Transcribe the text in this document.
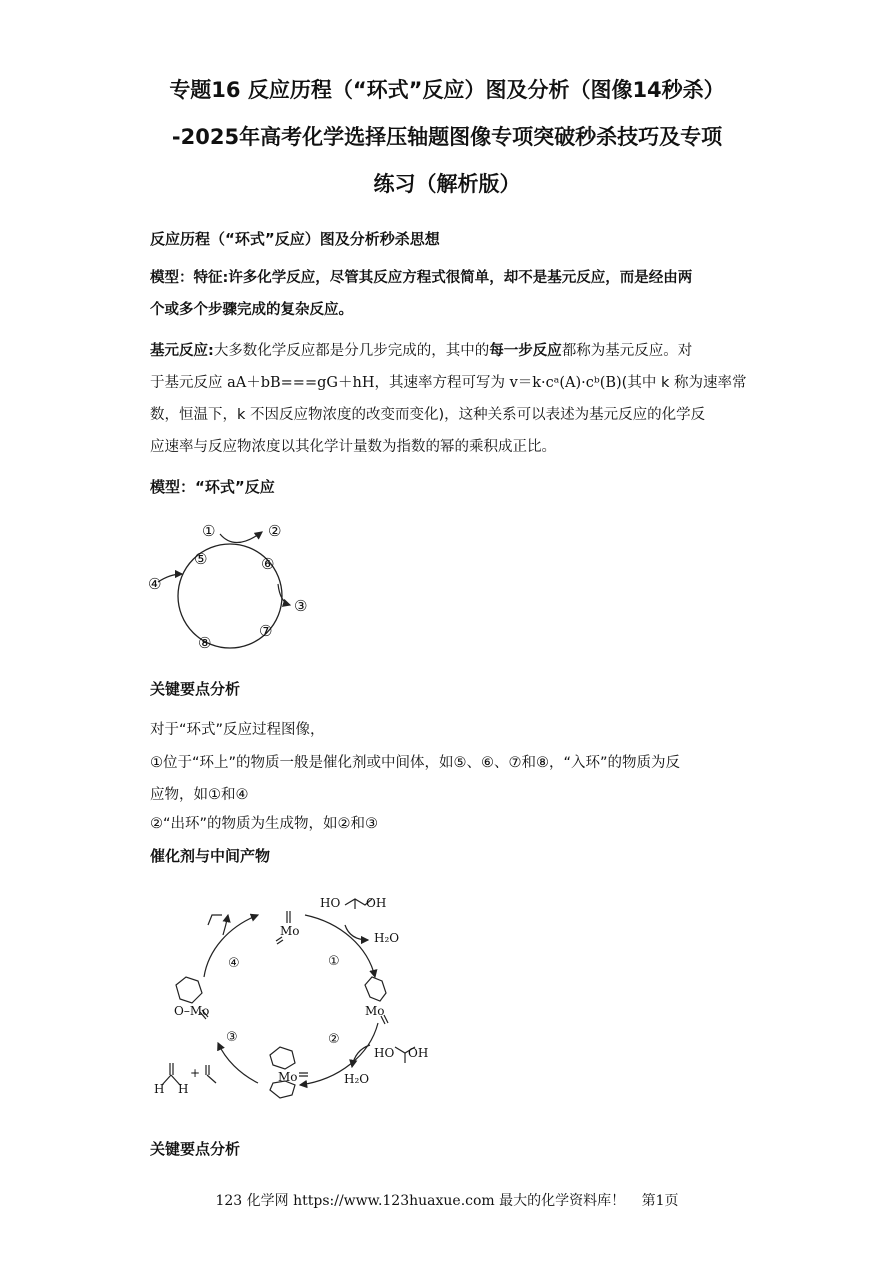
专题16 反应历程（“环式”反应）图及分析（图像14秒杀）
-2025年高考化学选择压轴题图像专项突破秒杀技巧及专项
练习（解析版）
反应历程（“环式”反应）图及分析秒杀思想
模型：特征:许多化学反应，尽管其反应方程式很简单，却不是基元反应，而是经由两
个或多个步骤完成的复杂反应。
基元反应:大多数化学反应都是分几步完成的，其中的每一步反应都称为基元反应。对
于基元反应 aA＋bB===gG＋hH，其速率方程可写为 v＝k·cᵃ(A)·cᵇ(B)(其中 k 称为速率常
数，恒温下，k 不因反应物浓度的改变而变化)，这种关系可以表述为基元反应的化学反
应速率与反应物浓度以其化学计量数为指数的幂的乘积成正比。
模型：“环式”反应
①	②
③
④
⑤	⑥
⑦
⑧
关键要点分析
对于“环式”反应过程图像，
①位于“环上”的物质一般是催化剂或中间体，如⑤、⑥、⑦和⑧，“入环”的物质为反
应物，如①和④
②“出环”的物质为生成物，如②和③
催化剂与中间产物
Mo
Mo
Mo
O–Mo
HO OH
H₂O
HO OH
H₂O
H H
+
①
②
③
④
关键要点分析
123 化学网 https://www.123huaxue.com 最大的化学资料库！ 第1页
